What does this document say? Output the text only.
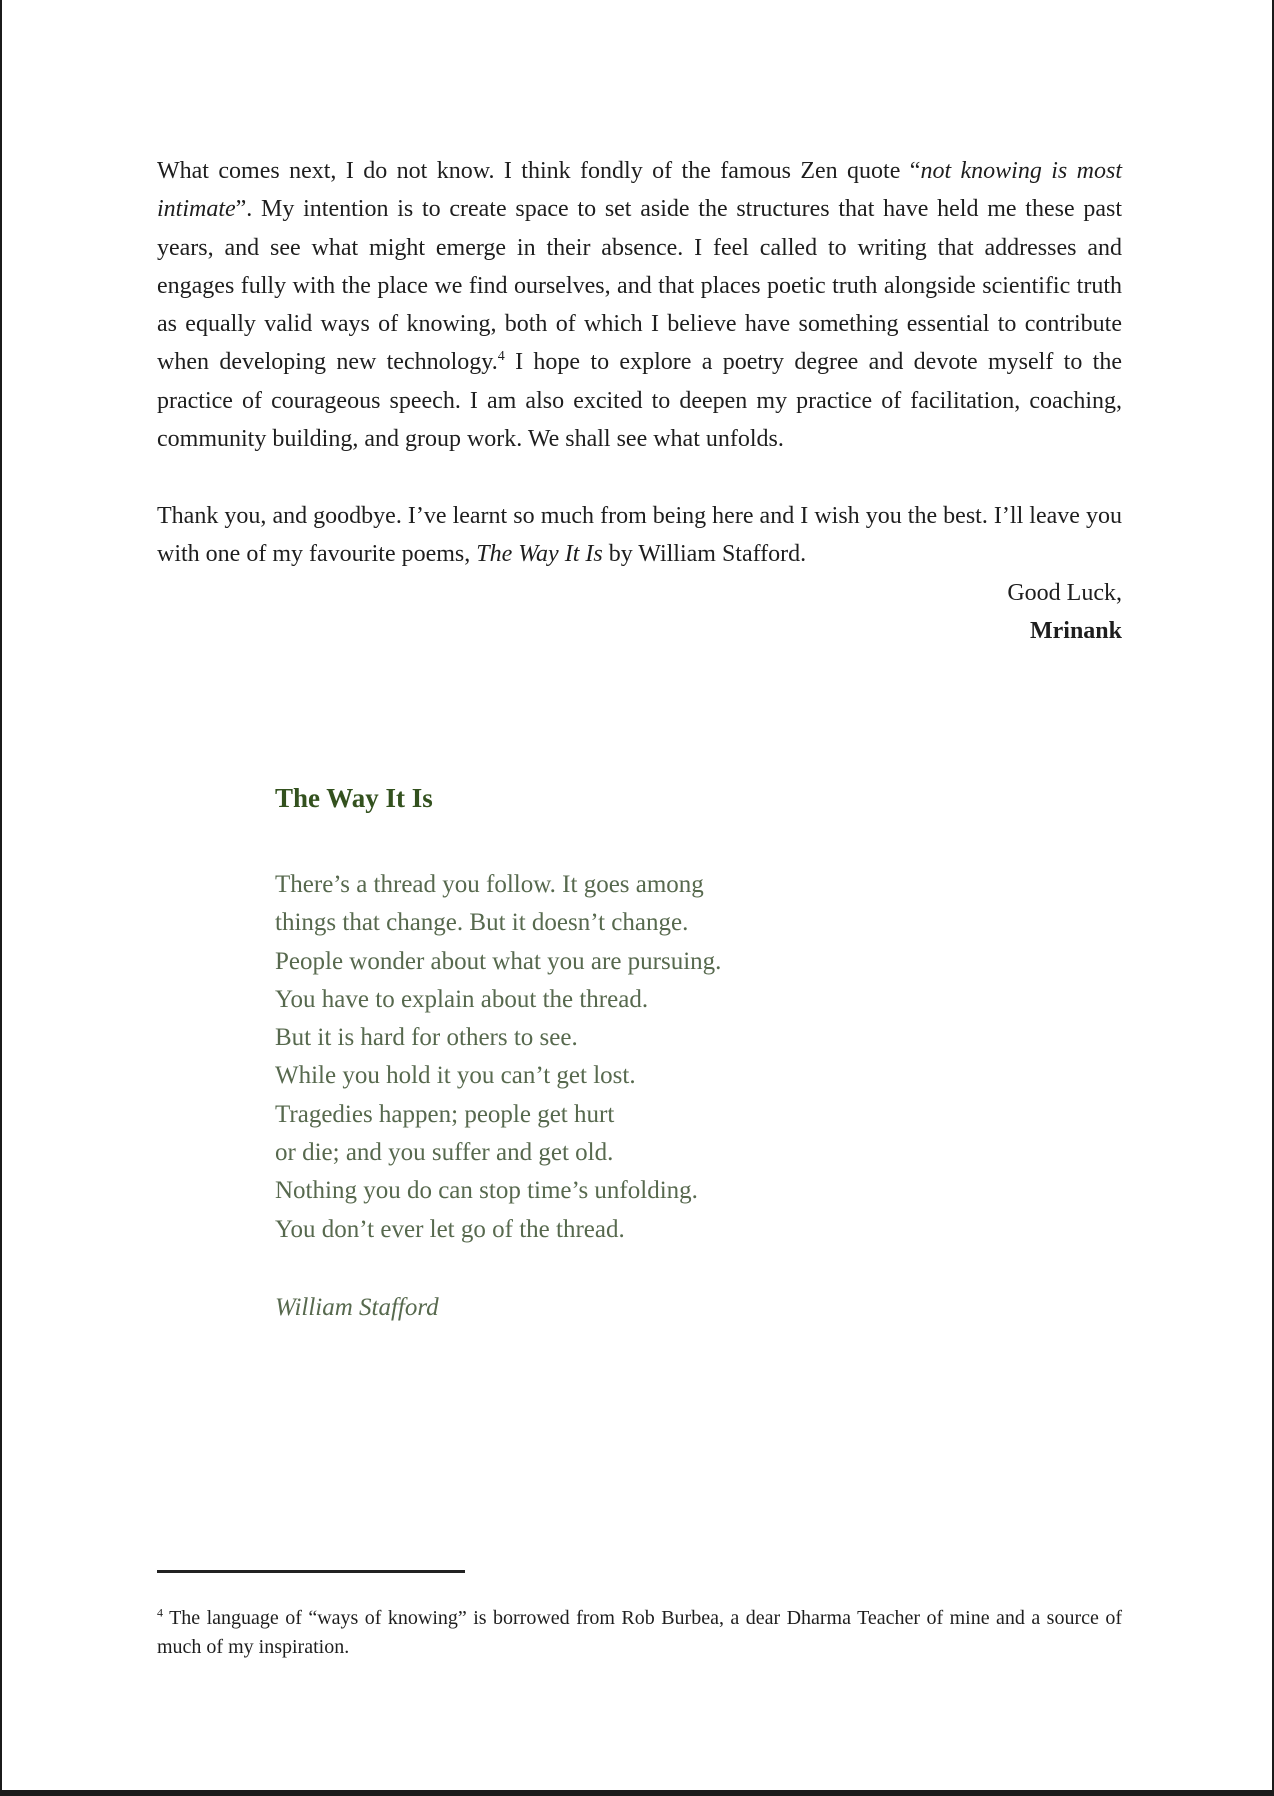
What comes next, I do not know. I think fondly of the famous Zen quote “not knowing is most intimate”. My intention is to create space to set aside the structures that have held me these past years, and see what might emerge in their absence. I feel called to writing that addresses and engages fully with the place we find ourselves, and that places poetic truth alongside scientific truth as equally valid ways of knowing, both of which I believe have something essential to contribute when developing new technology.$^4$ I hope to explore a poetry degree and devote myself to the practice of courageous speech. I am also excited to deepen my practice of facilitation, coaching, community building, and group work. We shall see what unfolds.

Thank you, and goodbye. I’ve learnt so much from being here and I wish you the best. I’ll leave you with one of my favourite poems, The Way It Is by William Stafford.

Good Luck,
Mrinank
The Way It Is
There’s a thread you follow. It goes among
things that change. But it doesn’t change.
People wonder about what you are pursuing.
You have to explain about the thread.
But it is hard for others to see.
While you hold it you can’t get lost.
Tragedies happen; people get hurt
or die; and you suffer and get old.
Nothing you do can stop time’s unfolding.
You don’t ever let go of the thread.
William Stafford

$^4$ The language of “ways of knowing” is borrowed from Rob Burbea, a dear Dharma Teacher of mine and a source of much of my inspiration.
